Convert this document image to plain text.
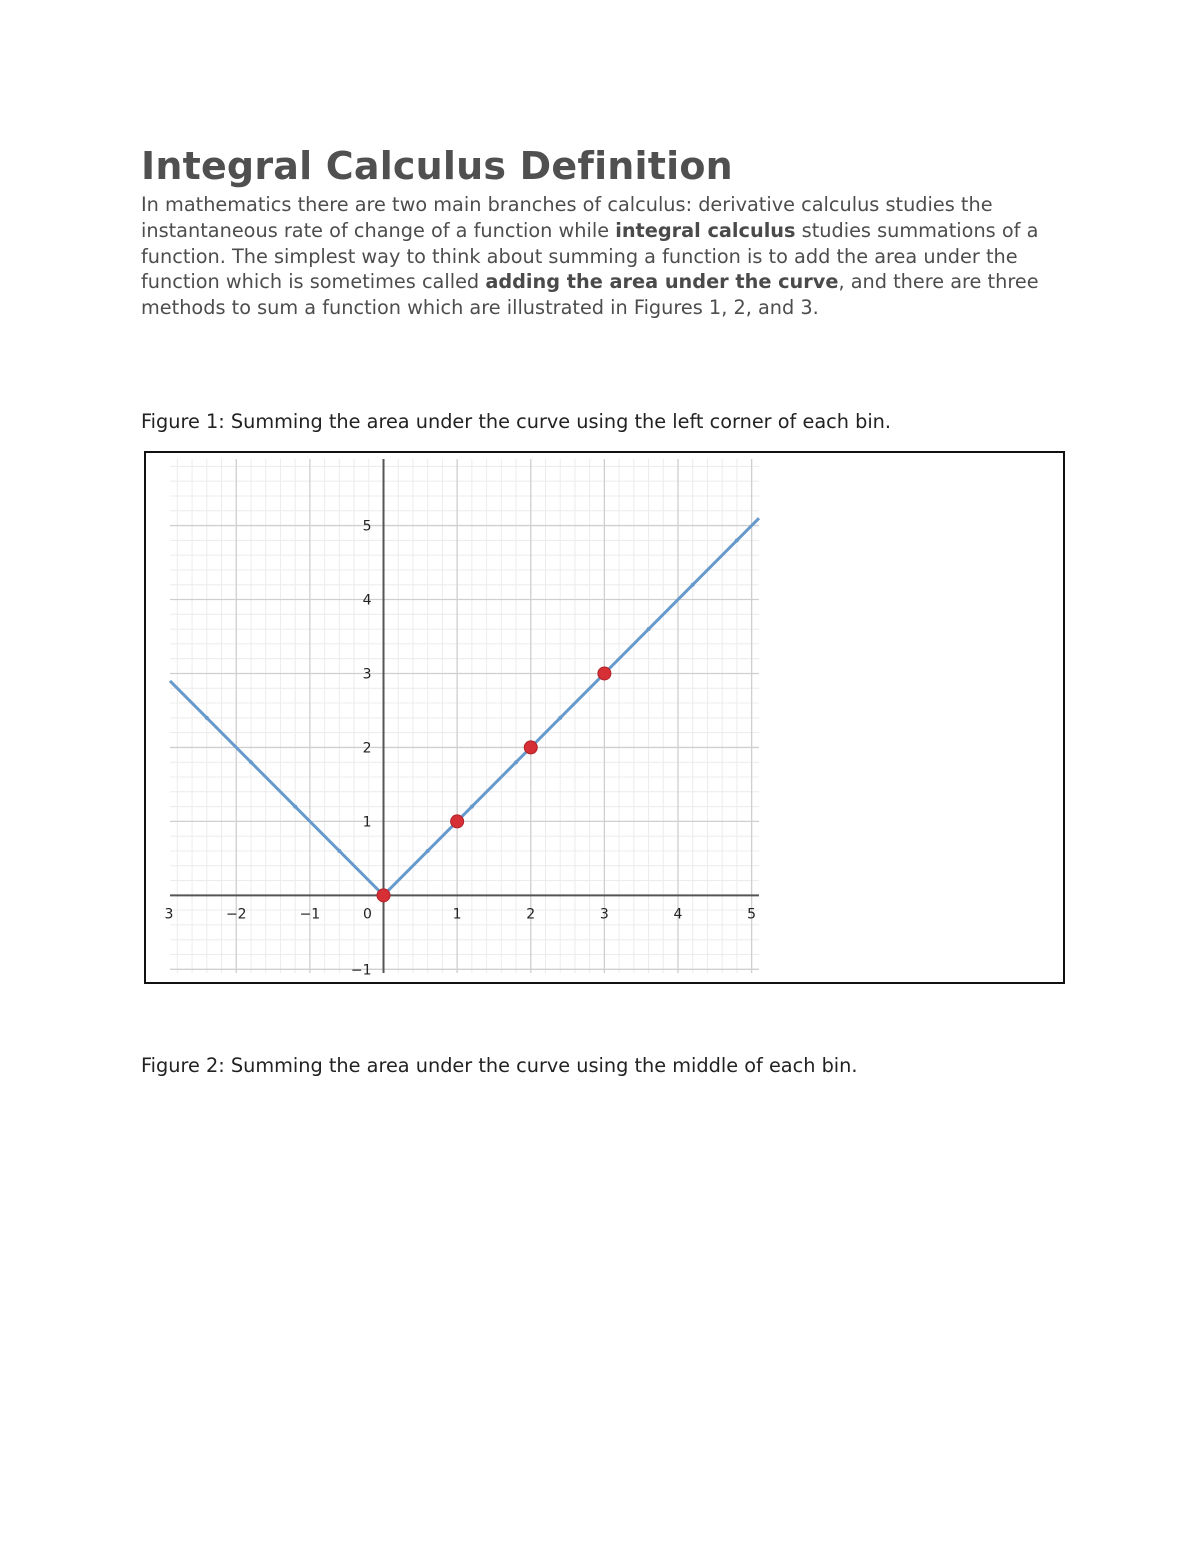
Integral Calculus Definition

In mathematics there are two main branches of calculus: derivative calculus studies the instantaneous rate of change of a function while integral calculus studies summations of a function. The simplest way to think about summing a function is to add the area under the function which is sometimes called adding the area under the curve, and there are three methods to sum a function which are illustrated in Figures 1, 2, and 3.

Figure 1: Summing the area under the curve using the left corner of each bin.

3	−2	−1	0	1	2	3	4	5
−1
1
2
3
4
5

Figure 2: Summing the area under the curve using the middle of each bin.
